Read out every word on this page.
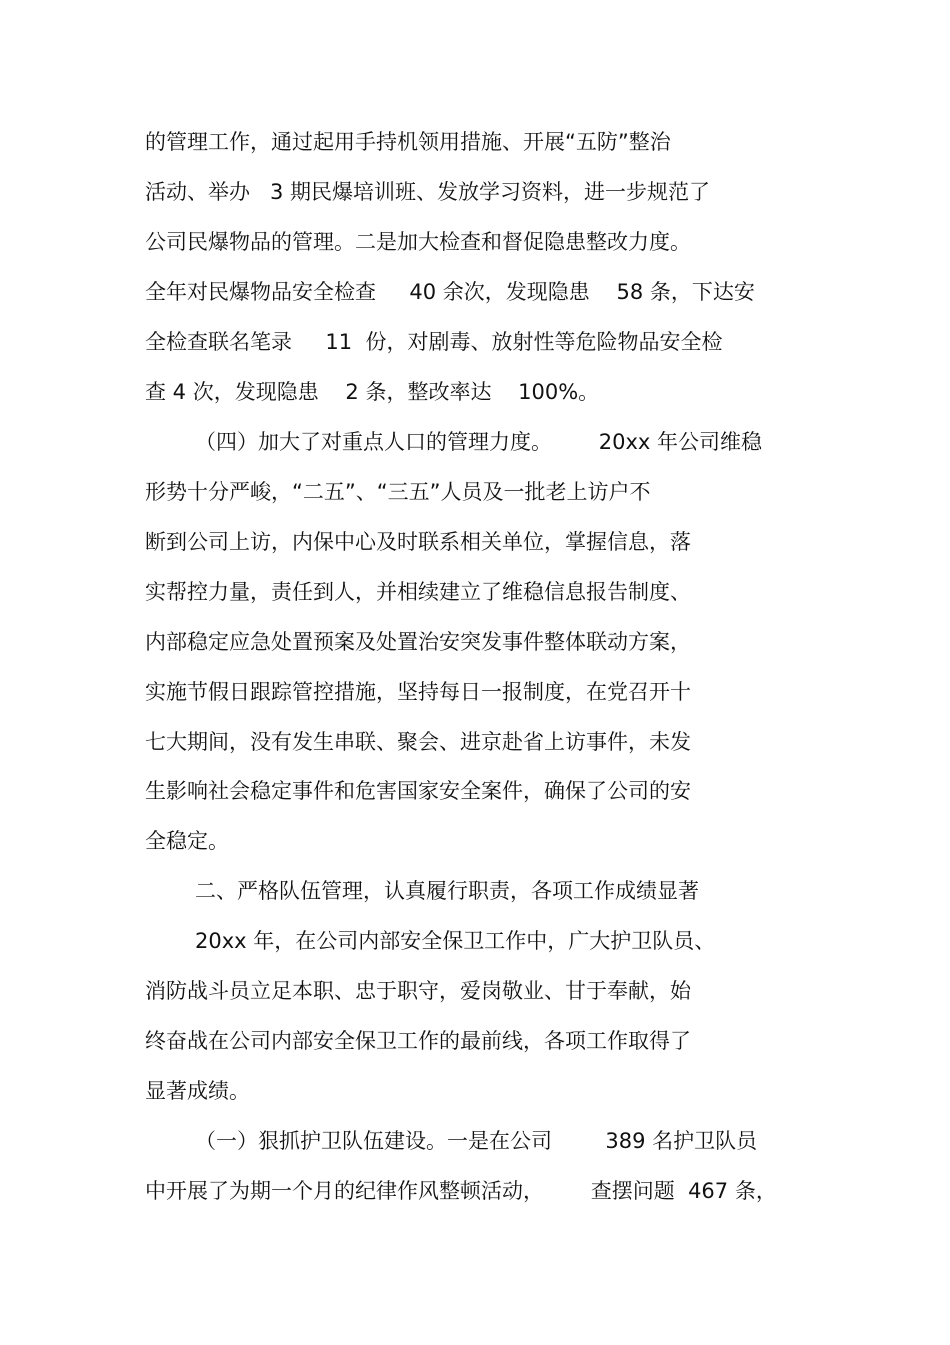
的管理工作，通过起用手持机领用措施、开展“五防”整治
活动、举办   3 期民爆培训班、发放学习资料，进一步规范了
公司民爆物品的管理。二是加大检查和督促隐患整改力度。
全年对民爆物品安全检查     40 余次，发现隐患    58 条，下达安
全检查联名笔录     11  份，对剧毒、放射性等危险物品安全检
查 4 次，发现隐患    2 条，整改率达    100%。
（四）加大了对重点人口的管理力度。       20xx 年公司维稳
形势十分严峻，“二五”、“三五”人员及一批老上访户不
断到公司上访，内保中心及时联系相关单位，掌握信息，落
实帮控力量，责任到人，并相续建立了维稳信息报告制度、
内部稳定应急处置预案及处置治安突发事件整体联动方案，
实施节假日跟踪管控措施，坚持每日一报制度，在党召开十
七大期间，没有发生串联、聚会、进京赴省上访事件，未发
生影响社会稳定事件和危害国家安全案件，确保了公司的安
全稳定。
二、严格队伍管理，认真履行职责，各项工作成绩显著
20xx 年，在公司内部安全保卫工作中，广大护卫队员、
消防战斗员立足本职、忠于职守，爱岗敬业、甘于奉献，始
终奋战在公司内部安全保卫工作的最前线，各项工作取得了
显著成绩。
（一）狠抓护卫队伍建设。一是在公司        389 名护卫队员
中开展了为期一个月的纪律作风整顿活动，       查摆问题  467 条，
